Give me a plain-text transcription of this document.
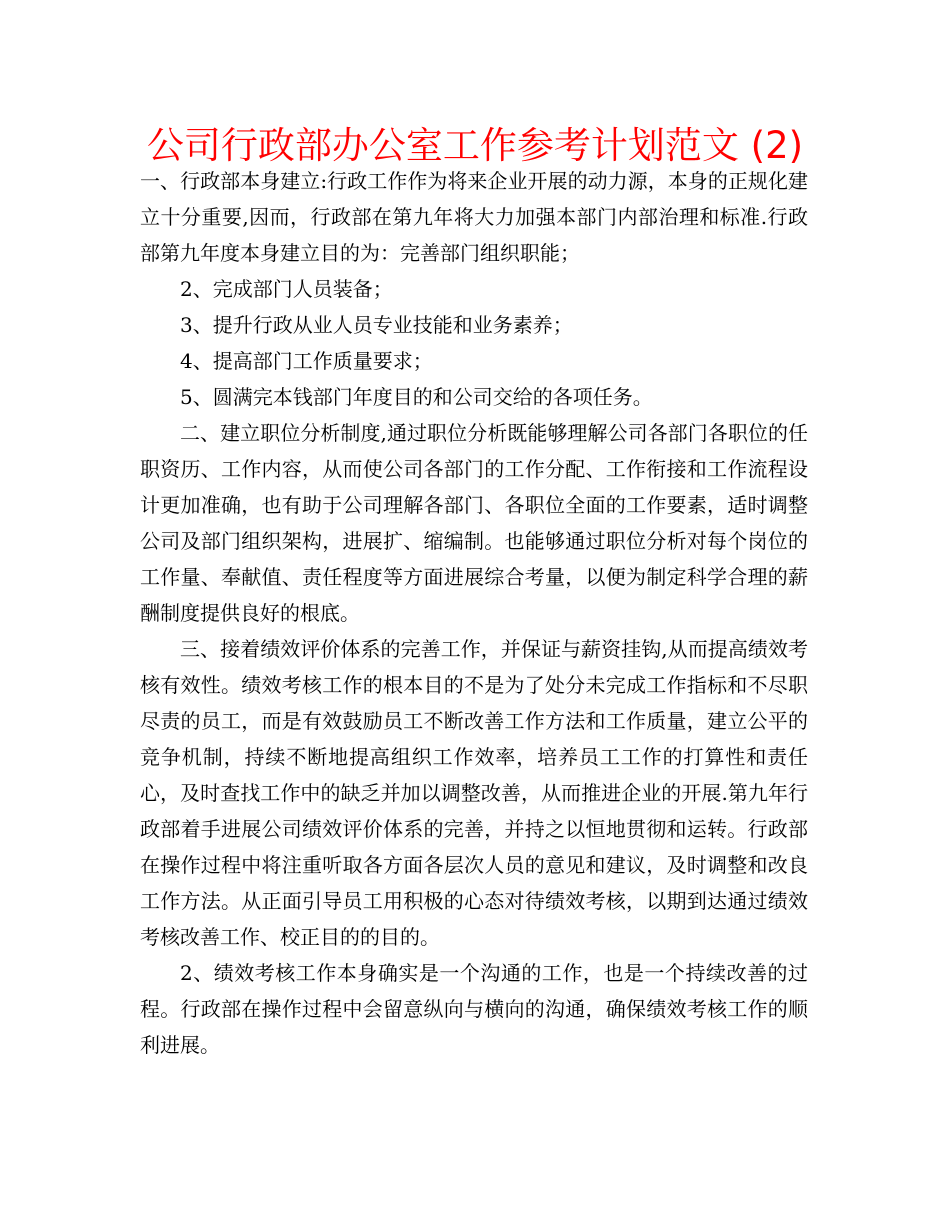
公司行政部办公室工作参考计划范文 (2)

一、行政部本身建立:行政工作作为将来企业开展的动力源，本身的正规化建立十分重要,因而，行政部在第九年将大力加强本部门内部治理和标准.行政部第九年度本身建立目的为：完善部门组织职能；

2、完成部门人员装备；

3、提升行政从业人员专业技能和业务素养；

4、提高部门工作质量要求；

5、圆满完本钱部门年度目的和公司交给的各项任务。

二、建立职位分析制度,通过职位分析既能够理解公司各部门各职位的任职资历、工作内容，从而使公司各部门的工作分配、工作衔接和工作流程设计更加准确，也有助于公司理解各部门、各职位全面的工作要素，适时调整公司及部门组织架构，进展扩、缩编制。也能够通过职位分析对每个岗位的工作量、奉献值、责任程度等方面进展综合考量，以便为制定科学合理的薪酬制度提供良好的根底。

三、接着绩效评价体系的完善工作，并保证与薪资挂钩,从而提高绩效考核有效性。绩效考核工作的根本目的不是为了处分未完成工作指标和不尽职尽责的员工，而是有效鼓励员工不断改善工作方法和工作质量，建立公平的竞争机制，持续不断地提高组织工作效率，培养员工工作的打算性和责任心，及时查找工作中的缺乏并加以调整改善，从而推进企业的开展.第九年行政部着手进展公司绩效评价体系的完善，并持之以恒地贯彻和运转。行政部在操作过程中将注重听取各方面各层次人员的意见和建议，及时调整和改良工作方法。从正面引导员工用积极的心态对待绩效考核，以期到达通过绩效考核改善工作、校正目的的目的。

2、绩效考核工作本身确实是一个沟通的工作，也是一个持续改善的过程。行政部在操作过程中会留意纵向与横向的沟通，确保绩效考核工作的顺利进展。
